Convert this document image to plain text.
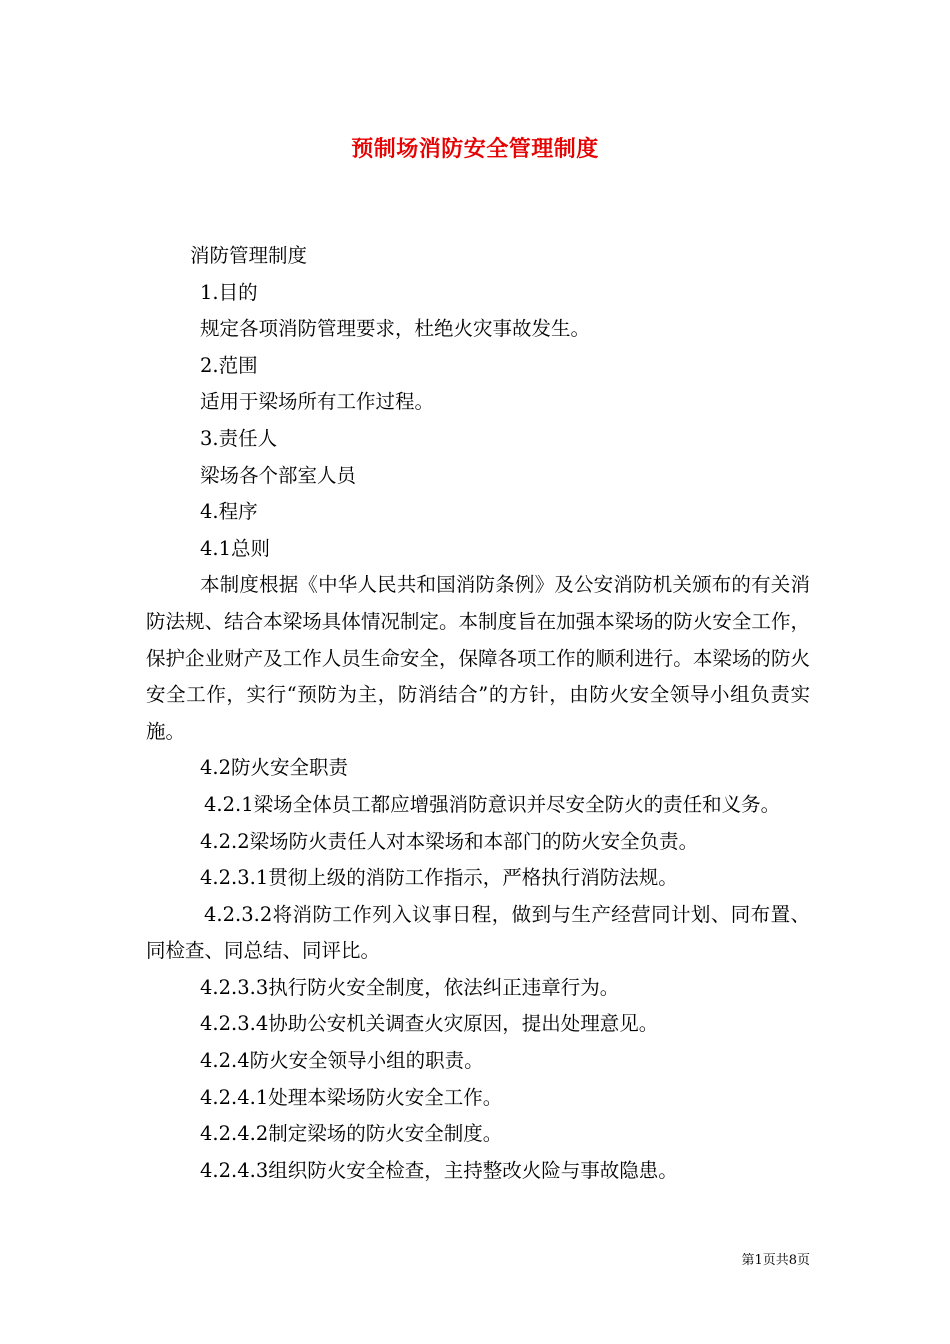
预制场消防安全管理制度

消防管理制度

1.目的

规定各项消防管理要求，杜绝火灾事故发生。

2.范围

适用于梁场所有工作过程。

3.责任人

梁场各个部室人员

4.程序

4.1总则

本制度根据《中华人民共和国消防条例》及公安消防机关颁布的有关消防法规、结合本梁场具体情况制定。本制度旨在加强本梁场的防火安全工作，保护企业财产及工作人员生命安全，保障各项工作的顺利进行。本梁场的防火安全工作，实行“预防为主，防消结合”的方针，由防火安全领导小组负责实施。

4.2防火安全职责

4.2.1梁场全体员工都应增强消防意识并尽安全防火的责任和义务。

4.2.2梁场防火责任人对本梁场和本部门的防火安全负责。

4.2.3.1贯彻上级的消防工作指示，严格执行消防法规。

4.2.3.2将消防工作列入议事日程，做到与生产经营同计划、同布置、同检查、同总结、同评比。

4.2.3.3执行防火安全制度，依法纠正违章行为。

4.2.3.4协助公安机关调查火灾原因，提出处理意见。

4.2.4防火安全领导小组的职责。

4.2.4.1处理本梁场防火安全工作。

4.2.4.2制定梁场的防火安全制度。

4.2.4.3组织防火安全检查，主持整改火险与事故隐患。

第1页共8页
